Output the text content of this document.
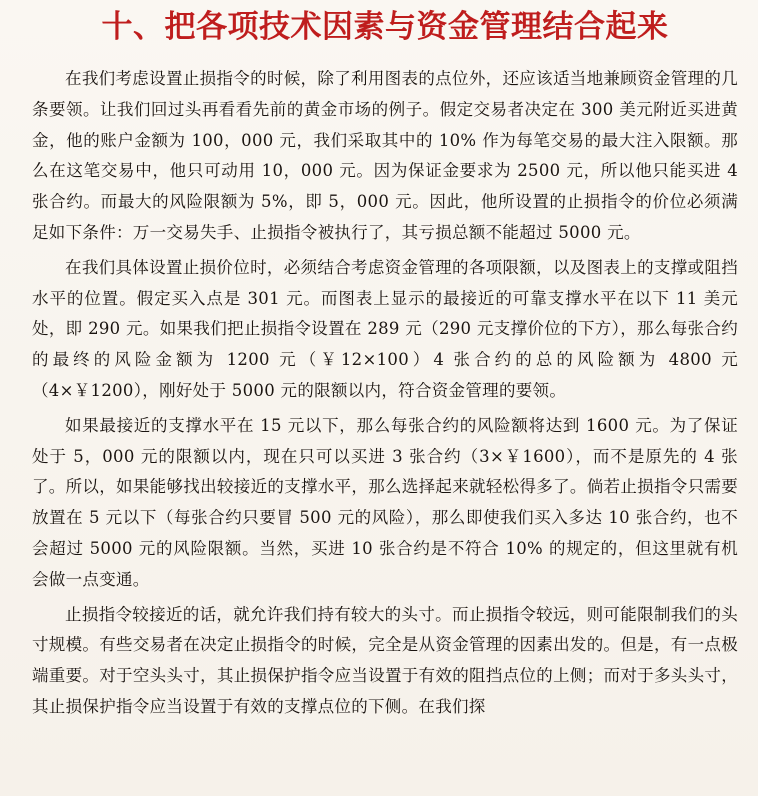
十、把各项技术因素与资金管理结合起来

在我们考虑设置止损指令的时候，除了利用图表的点位外，还应该适当地兼顾资金管理的几条要领。让我们回过头再看看先前的黄金市场的例子。假定交易者决定在 300 美元附近买进黄金，他的账户金额为 100，000 元，我们采取其中的 10% 作为每笔交易的最大注入限额。那么在这笔交易中，他只可动用 10，000 元。因为保证金要求为 2500 元，所以他只能买进 4 张合约。而最大的风险限额为 5%，即 5，000 元。因此，他所设置的止损指令的价位必须满足如下条件：万一交易失手、止损指令被执行了，其亏损总额不能超过 5000 元。

在我们具体设置止损价位时，必须结合考虑资金管理的各项限额，以及图表上的支撑或阻挡水平的位置。假定买入点是 301 元。而图表上显示的最接近的可靠支撑水平在以下 11 美元处，即 290 元。如果我们把止损指令设置在 289 元（290 元支撑价位的下方），那么每张合约的最终的风险金额为 1200 元（￥12×100）4 张合约的总的风险额为 4800 元（4×￥1200），刚好处于 5000 元的限额以内，符合资金管理的要领。

如果最接近的支撑水平在 15 元以下，那么每张合约的风险额将达到 1600 元。为了保证处于 5，000 元的限额以内，现在只可以买进 3 张合约（3×￥1600），而不是原先的 4 张了。所以，如果能够找出较接近的支撑水平，那么选择起来就轻松得多了。倘若止损指令只需要放置在 5 元以下（每张合约只要冒 500 元的风险），那么即使我们买入多达 10 张合约，也不会超过 5000 元的风险限额。当然，买进 10 张合约是不符合 10% 的规定的，但这里就有机会做一点变通。

止损指令较接近的话，就允许我们持有较大的头寸。而止损指令较远，则可能限制我们的头寸规模。有些交易者在决定止损指令的时候，完全是从资金管理的因素出发的。但是，有一点极端重要。对于空头头寸，其止损保护指令应当设置于有效的阻挡点位的上侧；而对于多头头寸，其止损保护指令应当设置于有效的支撑点位的下侧。在我们探
